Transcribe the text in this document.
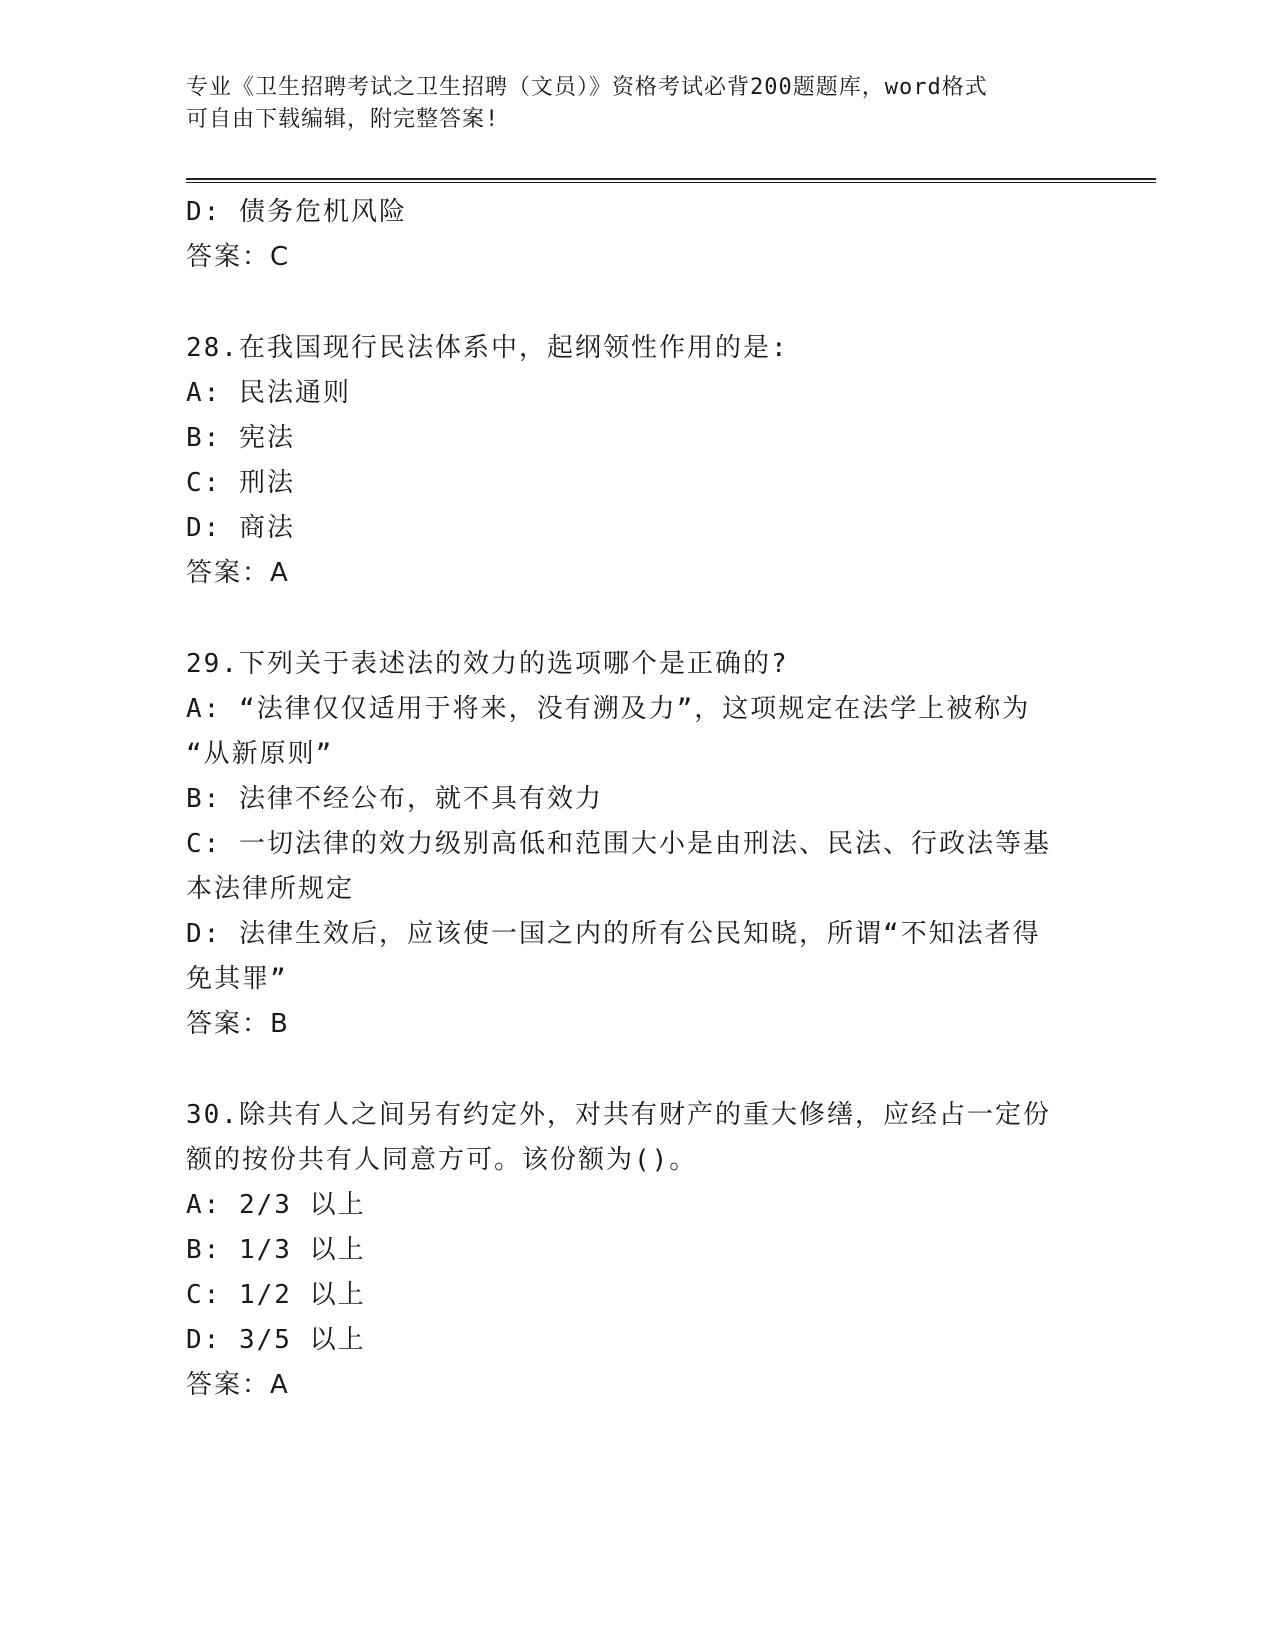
专业《卫生招聘考试之卫生招聘（文员）》资格考试必背200题题库，word格式
可自由下载编辑，附完整答案!
D: 债务危机风险
答案：C
28.在我国现行民法体系中，起纲领性作用的是:
A: 民法通则
B: 宪法
C: 刑法
D: 商法
答案：A
29.下列关于表述法的效力的选项哪个是正确的?
A: “法律仅仅适用于将来，没有溯及力”，这项规定在法学上被称为
“从新原则”
B: 法律不经公布，就不具有效力
C: 一切法律的效力级别高低和范围大小是由刑法、民法、行政法等基
本法律所规定
D: 法律生效后，应该使一国之内的所有公民知晓，所谓“不知法者得
免其罪”
答案：B
30.除共有人之间另有约定外，对共有财产的重大修缮，应经占一定份
额的按份共有人同意方可。该份额为()。
A: 2/3 以上
B: 1/3 以上
C: 1/2 以上
D: 3/5 以上
答案：A
